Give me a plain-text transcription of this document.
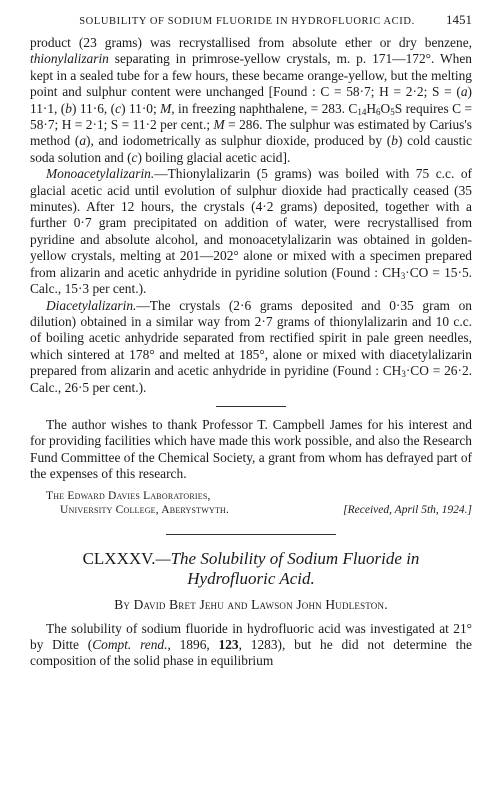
SOLUBILITY OF SODIUM FLUORIDE IN HYDROFLUORIC ACID.	1451

product (23 grams) was recrystallised from absolute ether or dry benzene, thionylalizarin separating in primrose-yellow crystals, m. p. 171—172°. When kept in a sealed tube for a few hours, these became orange-yellow, but the melting point and sulphur content were unchanged [Found : C = 58·7; H = 2·2; S = (a) 11·1, (b) 11·6, (c) 11·0; M, in freezing naphthalene, = 283. $C_{14}H_6O_5S$ requires C = 58·7; H = 2·1; S = 11·2 per cent.; M = 286. The sulphur was estimated by Carius's method (a), and iodometrically as sulphur dioxide, produced by (b) cold caustic soda solution and (c) boiling glacial acetic acid].

Monoacetylalizarin.—Thionylalizarin (5 grams) was boiled with 75 c.c. of glacial acetic acid until evolution of sulphur dioxide had practically ceased (35 minutes). After 12 hours, the crystals (4·2 grams) deposited, together with a further 0·7 gram precipitated on addition of water, were recrystallised from pyridine and absolute alcohol, and monoacetylalizarin was obtained in golden-yellow crystals, melting at 201—202° alone or mixed with a specimen prepared from alizarin and acetic anhydride in pyridine solution (Found : $CH_3\cdot CO = 15\cdot 5$. Calc., 15·3 per cent.).

Diacetylalizarin.—The crystals (2·6 grams deposited and 0·35 gram on dilution) obtained in a similar way from 2·7 grams of thionylalizarin and 10 c.c. of boiling acetic anhydride separated from rectified spirit in pale green needles, which sintered at 178° and melted at 185°, alone or mixed with diacetylalizarin prepared from alizarin and acetic anhydride in pyridine (Found : $CH_3\cdot CO = 26\cdot 2$. Calc., 26·5 per cent.).

The author wishes to thank Professor T. Campbell James for his interest and for providing facilities which have made this work possible, and also the Research Fund Committee of the Chemical Society, a grant from whom has defrayed part of the expenses of this research.

The Edward Davies Laboratories,
University College, Aberystwyth.	[Received, April 5th, 1924.]

CLXXXV.—The Solubility of Sodium Fluoride in

Hydrofluoric Acid.

By David Bret Jehu and Lawson John Hudleston.

The solubility of sodium fluoride in hydrofluoric acid was investigated at 21° by Ditte (Compt. rend., 1896, 123, 1283), but he did not determine the composition of the solid phase in equilibrium
